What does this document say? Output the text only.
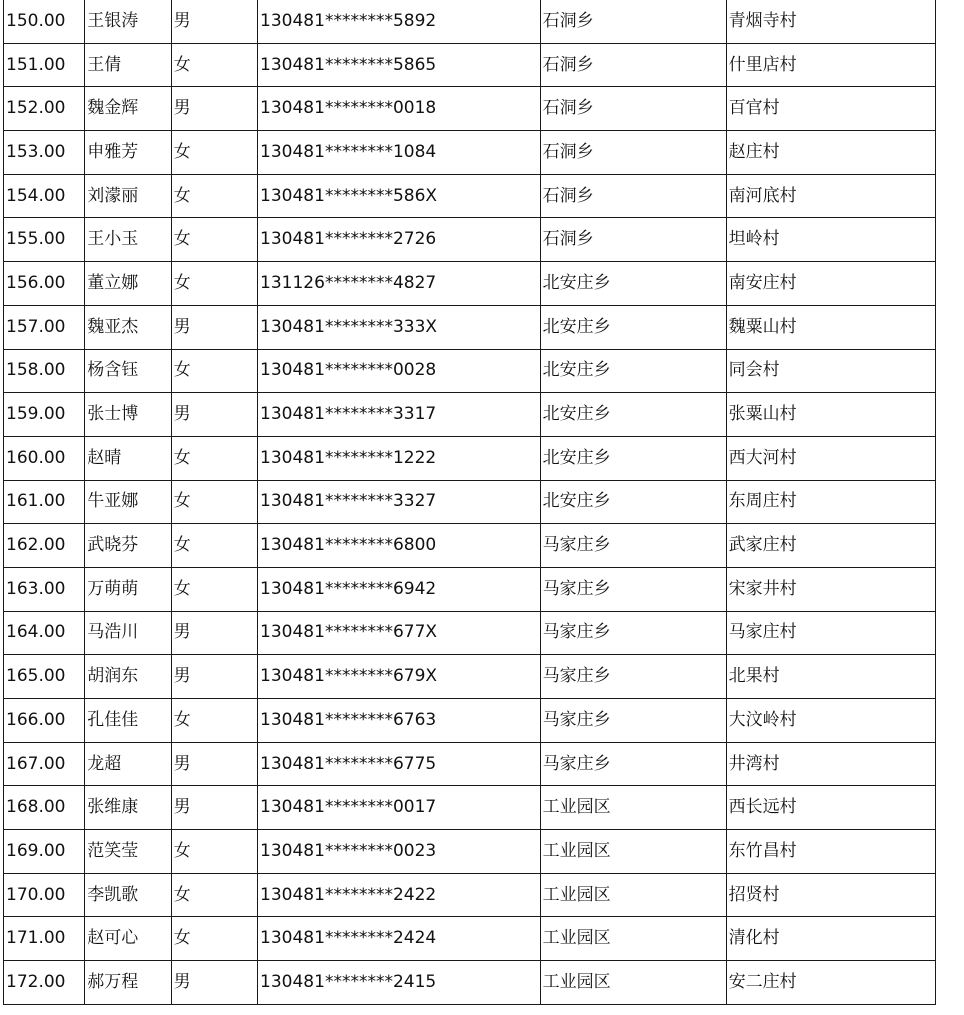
150.00	王银涛	男	130481********5892	石洞乡	青烟寺村
151.00	王倩	女	130481********5865	石洞乡	什里店村
152.00	魏金辉	男	130481********0018	石洞乡	百官村
153.00	申雅芳	女	130481********1084	石洞乡	赵庄村
154.00	刘濛丽	女	130481********586X	石洞乡	南河底村
155.00	王小玉	女	130481********2726	石洞乡	坦岭村
156.00	董立娜	女	131126********4827	北安庄乡	南安庄村
157.00	魏亚杰	男	130481********333X	北安庄乡	魏粟山村
158.00	杨含钰	女	130481********0028	北安庄乡	同会村
159.00	张士博	男	130481********3317	北安庄乡	张粟山村
160.00	赵晴	女	130481********1222	北安庄乡	西大河村
161.00	牛亚娜	女	130481********3327	北安庄乡	东周庄村
162.00	武晓芬	女	130481********6800	马家庄乡	武家庄村
163.00	万萌萌	女	130481********6942	马家庄乡	宋家井村
164.00	马浩川	男	130481********677X	马家庄乡	马家庄村
165.00	胡润东	男	130481********679X	马家庄乡	北果村
166.00	孔佳佳	女	130481********6763	马家庄乡	大汶岭村
167.00	龙超	男	130481********6775	马家庄乡	井湾村
168.00	张维康	男	130481********0017	工业园区	西长远村
169.00	范笑莹	女	130481********0023	工业园区	东竹昌村
170.00	李凯歌	女	130481********2422	工业园区	招贤村
171.00	赵可心	女	130481********2424	工业园区	清化村
172.00	郝万程	男	130481********2415	工业园区	安二庄村
